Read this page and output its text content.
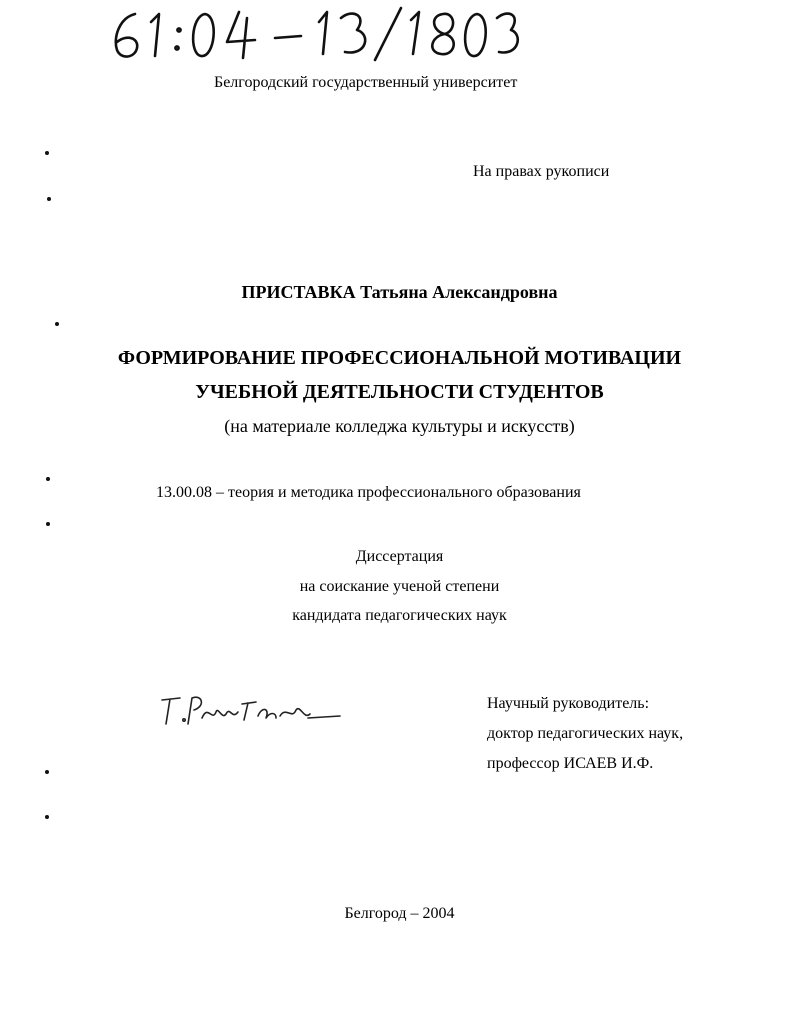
Белгородский государственный университет
На правах рукописи
ПРИСТАВКА Татьяна Александровна
ФОРМИРОВАНИЕ ПРОФЕССИОНАЛЬНОЙ МОТИВАЦИИ
УЧЕБНОЙ ДЕЯТЕЛЬНОСТИ СТУДЕНТОВ
(на материале колледжа культуры и искусств)
13.00.08 – теория и методика профессионального образования
Диссертация
на соискание ученой степени
кандидата педагогических наук
Научный руководитель:
доктор педагогических наук,
профессор ИСАЕВ И.Ф.
Белгород – 2004
